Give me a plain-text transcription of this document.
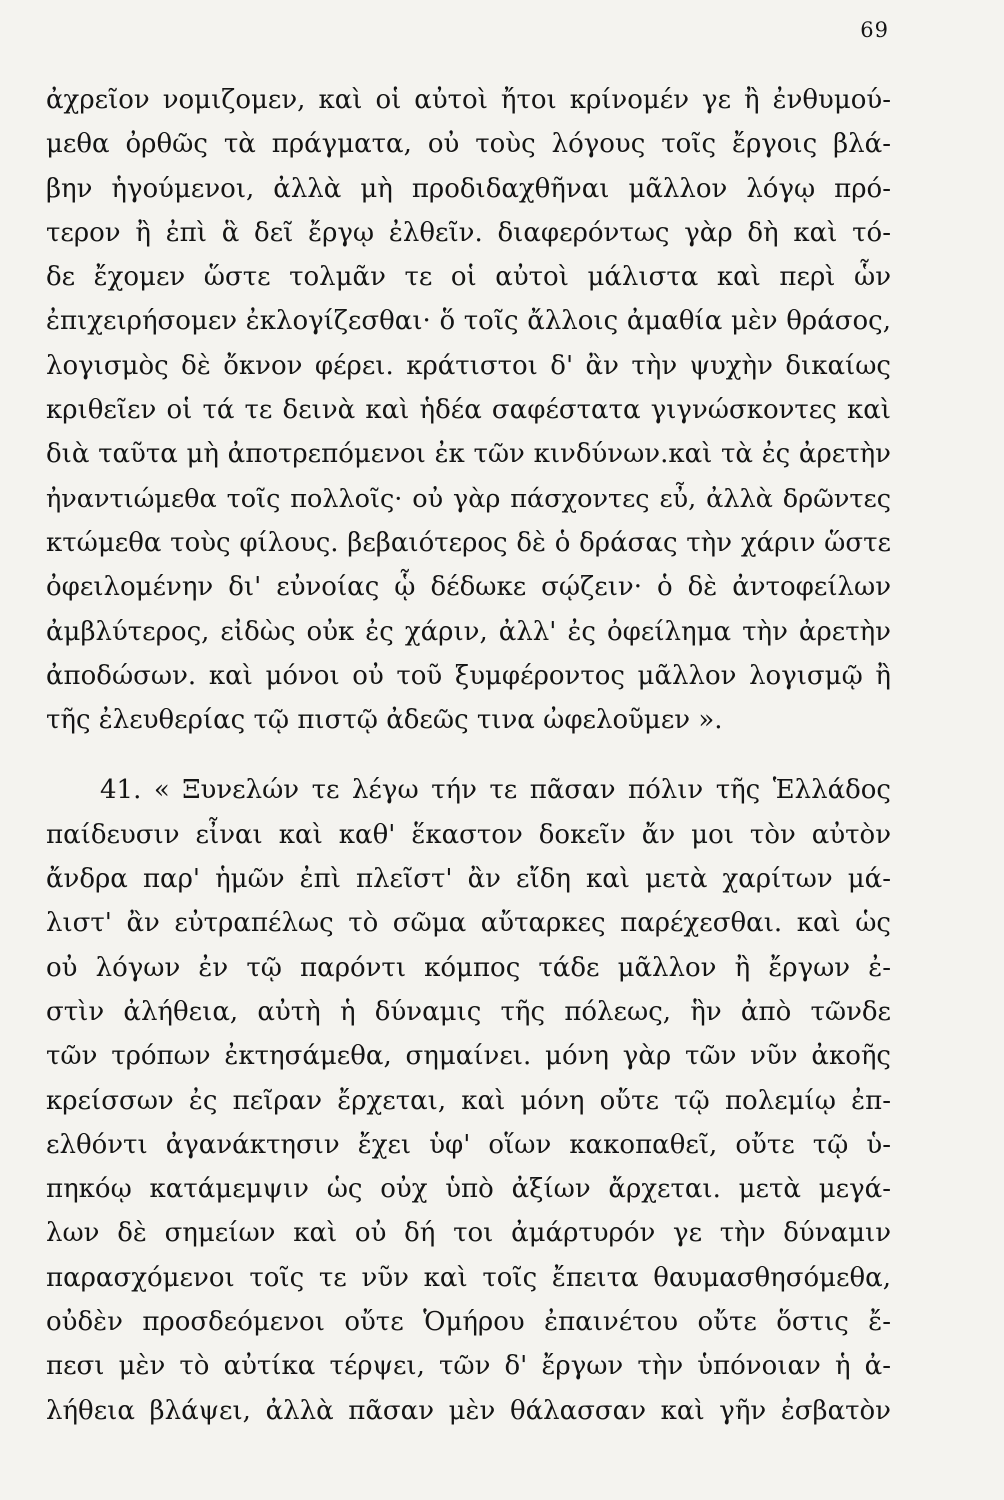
69
ἀχρεῖον νομιζομεν, καὶ οἱ αὐτοὶ ἤτοι κρίνομέν γε ἢ ἐνθυμού-
μεθα ὀρθῶς τὰ πράγματα, οὐ τοὺς λόγους τοῖς ἔργοις βλά-
βην ἡγούμενοι, ἀλλὰ μὴ προδιδαχθῆναι μᾶλλον λόγῳ πρό-
τερον ἢ ἐπὶ ἃ δεῖ ἔργῳ ἐλθεῖν. διαφερόντως γὰρ δὴ καὶ τό-
δε ἔχομεν ὥστε τολμᾶν τε οἱ αὐτοὶ μάλιστα καὶ περὶ ὧν
ἐπιχειρήσομεν ἐκλογίζεσθαι· ὅ τοῖς ἄλλοις ἀμαθία μὲν θράσος,
λογισμὸς δὲ ὄκνον φέρει. κράτιστοι δ' ἂν τὴν ψυχὴν δικαίως
κριθεῖεν οἱ τά τε δεινὰ καὶ ἡδέα σαφέστατα γιγνώσκοντες καὶ
διὰ ταῦτα μὴ ἀποτρεπόμενοι ἐκ τῶν κινδύνων.καὶ τὰ ἐς ἀρετὴν
ἠναντιώμεθα τοῖς πολλοῖς· οὐ γὰρ πάσχοντες εὖ, ἀλλὰ δρῶντες
κτώμεθα τοὺς φίλους. βεβαιότερος δὲ ὁ δράσας τὴν χάριν ὥστε
ὀφειλομένην δι' εὐνοίας ᾧ δέδωκε σῴζειν· ὁ δὲ ἀντοφείλων
ἀμβλύτερος, εἰδὼς οὐκ ἐς χάριν, ἀλλ' ἐς ὀφείλημα τὴν ἀρετὴν
ἀποδώσων. καὶ μόνοι οὐ τοῦ ξυμφέροντος μᾶλλον λογισμῷ ἢ
τῆς ἐλευθερίας τῷ πιστῷ ἀδεῶς τινα ὠφελοῦμεν ».
41. « Ξυνελών τε λέγω τήν τε πᾶσαν πόλιν τῆς Ἑλλάδος
παίδευσιν εἶναι καὶ καθ' ἕκαστον δοκεῖν ἄν μοι τὸν αὐτὸν
ἄνδρα παρ' ἡμῶν ἐπὶ πλεῖστ' ἂν εἴδη καὶ μετὰ χαρίτων μά-
λιστ' ἂν εὐτραπέλως τὸ σῶμα αὔταρκες παρέχεσθαι. καὶ ὡς
οὐ λόγων ἐν τῷ παρόντι κόμπος τάδε μᾶλλον ἢ ἔργων ἐ-
στὶν ἀλήθεια, αὐτὴ ἡ δύναμις τῆς πόλεως, ἣν ἀπὸ τῶνδε
τῶν τρόπων ἐκτησάμεθα, σημαίνει. μόνη γὰρ τῶν νῦν ἀκοῆς
κρείσσων ἐς πεῖραν ἔρχεται, καὶ μόνη οὔτε τῷ πολεμίῳ ἐπ-
ελθόντι ἀγανάκτησιν ἔχει ὑφ' οἵων κακοπαθεῖ, οὔτε τῷ ὑ-
πηκόῳ κατάμεμψιν ὡς οὐχ ὑπὸ ἀξίων ἄρχεται. μετὰ μεγά-
λων δὲ σημείων καὶ οὐ δή τοι ἀμάρτυρόν γε τὴν δύναμιν
παρασχόμενοι τοῖς τε νῦν καὶ τοῖς ἔπειτα θαυμασθησόμεθα,
οὐδὲν προσδεόμενοι οὔτε Ὁμήρου ἐπαινέτου οὔτε ὅστις ἔ-
πεσι μὲν τὸ αὐτίκα τέρψει, τῶν δ' ἔργων τὴν ὑπόνοιαν ἡ ἀ-
λήθεια βλάψει, ἀλλὰ πᾶσαν μὲν θάλασσαν καὶ γῆν ἐσβατὸν
